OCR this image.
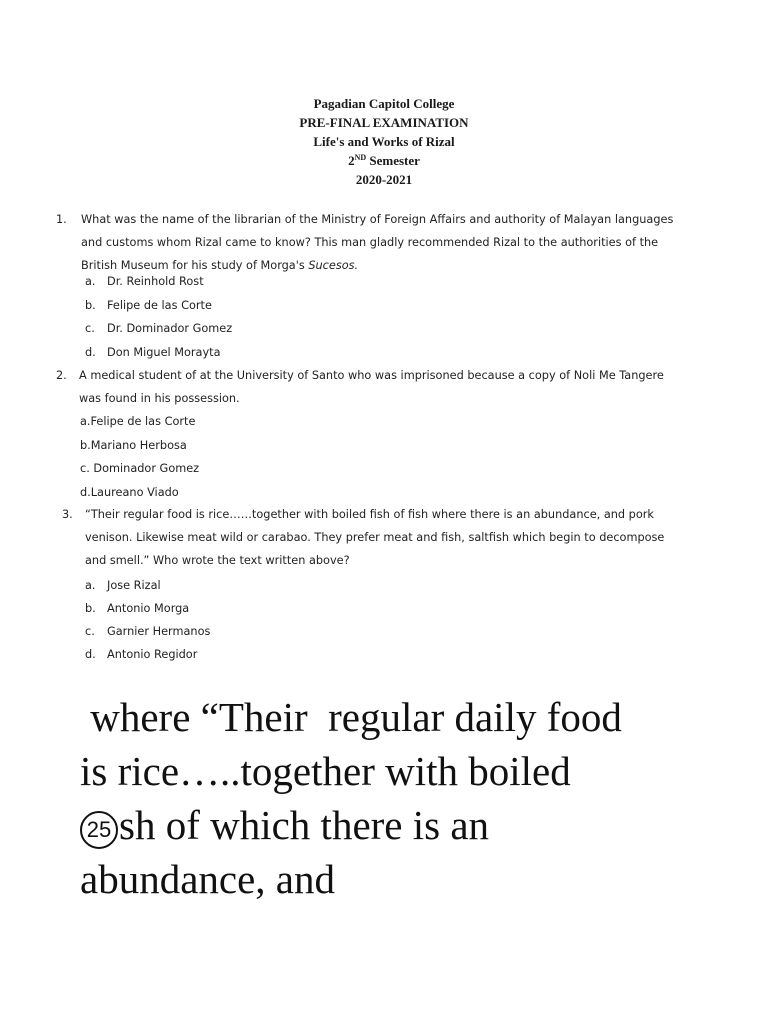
Pagadian Capitol College
PRE-FINAL EXAMINATION
Life's and Works of Rizal
2ND Semester
2020-2021
1. What was the name of the librarian of the Ministry of Foreign Affairs and authority of Malayan languages and customs whom Rizal came to know? This man gladly recommended Rizal to the authorities of the British Museum for his study of Morga's Sucesos.
a. Dr. Reinhold Rost
b. Felipe de las Corte
c. Dr. Dominador Gomez
d. Don Miguel Morayta
2. A medical student of at the University of Santo who was imprisoned because a copy of Noli Me Tangere was found in his possession.
a.Felipe de las Corte
b.Mariano Herbosa
c. Dominador Gomez
d.Laureano Viado
3. “Their regular food is rice……together with boiled fish of fish where there is an abundance, and pork venison. Likewise meat wild or carabao. They prefer meat and fish, saltfish which begin to decompose and smell.” Who wrote the text written above?
a. Jose Rizal
b. Antonio Morga
c. Garnier Hermanos
d. Antonio Regidor
where “Their  regular daily food
is rice…..together with boiled
25 sh of which there is an
abundance, and
